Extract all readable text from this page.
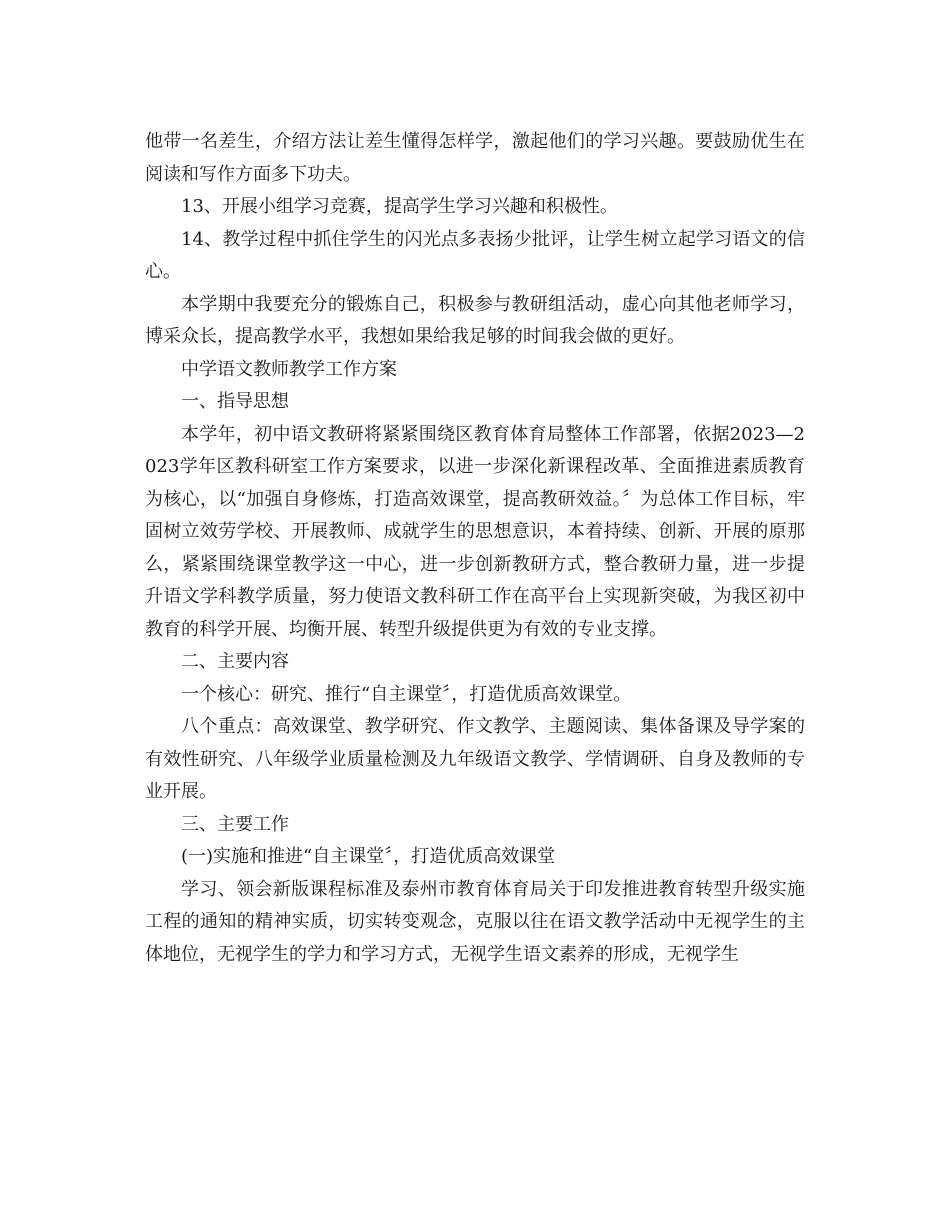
他带一名差生，介绍方法让差生懂得怎样学，激起他们的学习兴趣。要鼓励优生在阅读和写作方面多下功夫。

13、开展小组学习竞赛，提高学生学习兴趣和积极性。

14、教学过程中抓住学生的闪光点多表扬少批评，让学生树立起学习语文的信心。

本学期中我要充分的锻炼自己，积极参与教研组活动，虚心向其他老师学习，博采众长，提高教学水平，我想如果给我足够的时间我会做的更好。

中学语文教师教学工作方案

一、指导思想

本学年，初中语文教研将紧紧围绕区教育体育局整体工作部署，依据2023—2023学年区教科研室工作方案要求，以进一步深化新课程改革、全面推进素质教育为核心，以“加强自身修炼，打造高效课堂，提高教研效益。〞为总体工作目标，牢固树立效劳学校、开展教师、成就学生的思想意识，本着持续、创新、开展的原那么，紧紧围绕课堂教学这一中心，进一步创新教研方式，整合教研力量，进一步提升语文学科教学质量，努力使语文教科研工作在高平台上实现新突破，为我区初中教育的科学开展、均衡开展、转型升级提供更为有效的专业支撑。

二、主要内容

一个核心：研究、推行“自主课堂〞，打造优质高效课堂。

八个重点：高效课堂、教学研究、作文教学、主题阅读、集体备课及导学案的有效性研究、八年级学业质量检测及九年级语文教学、学情调研、自身及教师的专业开展。

三、主要工作

(一)实施和推进“自主课堂〞，打造优质高效课堂

学习、领会新版课程标准及泰州市教育体育局关于印发推进教育转型升级实施工程的通知的精神实质，切实转变观念，克服以往在语文教学活动中无视学生的主体地位，无视学生的学力和学习方式，无视学生语文素养的形成，无视学生
